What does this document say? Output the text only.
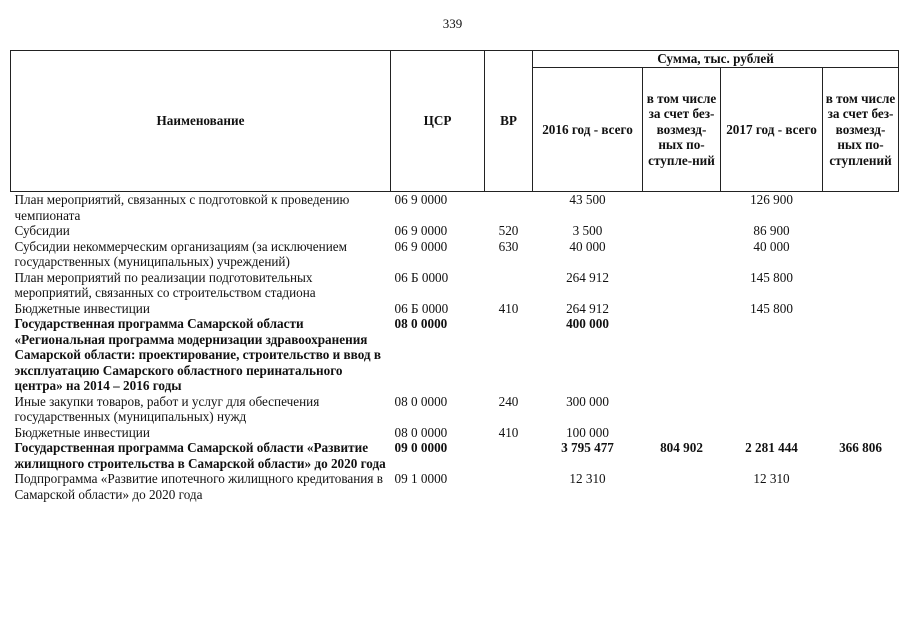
339
Наименование	ЦСР	ВР	Сумма, тыс. рублей			
			2016 год - всего	в том числе за счет без-возмезд-ных по-ступле-ний	2017 год - всего	в том числе за счет без-возмезд-ных по-ступлений
План мероприятий, связанных с подготовкой к проведению чемпионата	06 9 0000		43 500		126 900	
Субсидии	06 9 0000	520	3 500		86 900	
Субсидии некоммерческим организациям (за исключением государственных (муниципальных) учреждений)	06 9 0000	630	40 000		40 000	
План мероприятий по реализации подготовительных мероприятий, связанных со строительством стадиона	06 Б 0000		264 912		145 800	
Бюджетные инвестиции	06 Б 0000	410	264 912		145 800	
Государственная программа Самарской области «Региональная программа модернизации здравоохранения Самарской области: проектирование, строительство и ввод в эксплуатацию Самарского областного перинатального центра» на 2014 – 2016 годы	08 0 0000		400 000			
Иные закупки товаров, работ и услуг для обеспечения государственных (муниципальных) нужд	08 0 0000	240	300 000			
Бюджетные инвестиции	08 0 0000	410	100 000			
Государственная программа Самарской области «Развитие жилищного строительства в Самарской области» до 2020 года	09 0 0000		3 795 477	804 902	2 281 444	366 806
Подпрограмма «Развитие ипотечного жилищного кредитования в Самарской области» до 2020 года	09 1 0000		12 310		12 310	
